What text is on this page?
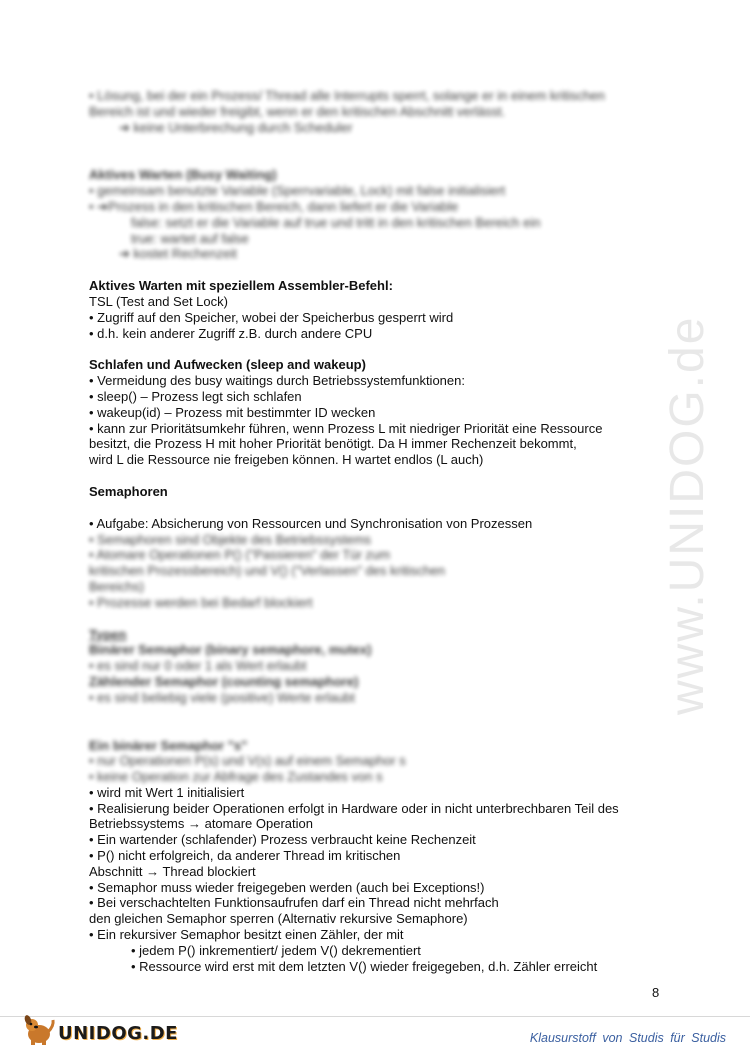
www.UNIDOG.de
• Lösung, bei der ein Prozess/ Thread alle Interrupts sperrt, solange er in einem kritischen
Bereich ist und wieder freigibt, wenn er den kritischen Abschnitt verlässt.
➔ keine Unterbrechung durch Scheduler
Aktives Warten (Busy Waiting)
• gemeinsam benutzte Variable (Sperrvariable, Lock) mit false initialisiert
• ➔Prozess in den kritischen Bereich, dann liefert er die Variable
false: setzt er die Variable auf true und tritt in den kritischen Bereich ein
true: wartet auf false
➔ kostet Rechenzeit
Aktives Warten mit speziellem Assembler-Befehl:
TSL (Test and Set Lock)
• Zugriff auf den Speicher, wobei der Speicherbus gesperrt wird
• d.h. kein anderer Zugriff z.B. durch andere CPU
Schlafen und Aufwecken (sleep and wakeup)
• Vermeidung des busy waitings durch Betriebssystemfunktionen:
• sleep() – Prozess legt sich schlafen
• wakeup(id) – Prozess mit bestimmter ID wecken
• kann zur Prioritätsumkehr führen, wenn Prozess L mit niedriger Priorität eine Ressource
besitzt, die Prozess H mit hoher Priorität benötigt. Da H immer Rechenzeit bekommt,
wird L die Ressource nie freigeben können. H wartet endlos (L auch)
Semaphoren
• Aufgabe: Absicherung von Ressourcen und Synchronisation von Prozessen
• Semaphoren sind Objekte des Betriebssystems
• Atomare Operationen P() ("Passieren" der Tür zum
kritischen Prozessbereich) und V() ("Verlassen" des kritischen
Bereichs)
• Prozesse werden bei Bedarf blockiert
Typen
Binärer Semaphor (binary semaphore, mutex)
• es sind nur 0 oder 1 als Wert erlaubt
Zählender Semaphor (counting semaphore)
• es sind beliebig viele (positive) Werte erlaubt
Ein binärer Semaphor "s"
• nur Operationen P(s) und V(s) auf einem Semaphor s
• keine Operation zur Abfrage des Zustandes von s
• wird mit Wert 1 initialisiert
• Realisierung beider Operationen erfolgt in Hardware oder in nicht unterbrechbaren Teil des
Betriebssystems → atomare Operation
• Ein wartender (schlafender) Prozess verbraucht keine Rechenzeit
• P() nicht erfolgreich, da anderer Thread im kritischen
Abschnitt → Thread blockiert
• Semaphor muss wieder freigegeben werden (auch bei Exceptions!)
• Bei verschachtelten Funktionsaufrufen darf ein Thread nicht mehrfach
den gleichen Semaphor sperren (Alternativ rekursive Semaphore)
• Ein rekursiver Semaphor besitzt einen Zähler, der mit
• jedem P() inkrementiert/ jedem V() dekrementiert
• Ressource wird erst mit dem letzten V() wieder freigegeben, d.h. Zähler erreicht
8
UNIDOG.DE	Klausurstoff von Studis für Studis
